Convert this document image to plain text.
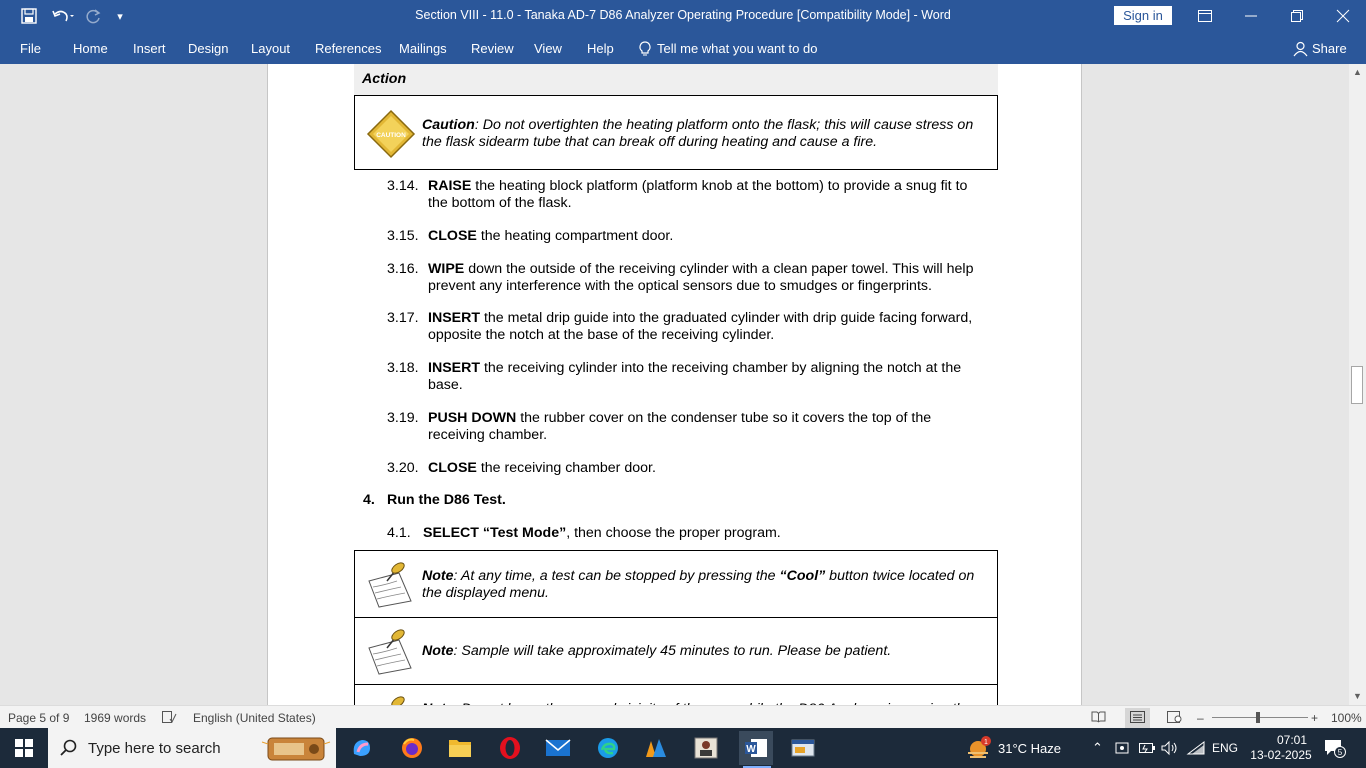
▾	Section VIII - 11.0 - Tanaka AD-7 D86 Analyzer Operating Procedure [Compatibility Mode] - Word	Sign in
File Home Insert Design Layout References Mailings Review View Help	Tell me what you want to do	Share
Action
CAUTION
Caution: Do not overtighten the heating platform onto the flask; this will cause stress on the flask sidearm tube that can break off during heating and cause a fire.
3.14. RAISE the heating block platform (platform knob at the bottom) to provide a snug fit to the bottom of the flask.
3.15. CLOSE the heating compartment door.
3.16. WIPE down the outside of the receiving cylinder with a clean paper towel. This will help prevent any interference with the optical sensors due to smudges or fingerprints.
3.17. INSERT the metal drip guide into the graduated cylinder with drip guide facing forward, opposite the notch at the base of the receiving cylinder.
3.18. INSERT the receiving cylinder into the receiving chamber by aligning the notch at the base.
3.19. PUSH DOWN the rubber cover on the condenser tube so it covers the top of the receiving chamber.
3.20. CLOSE the receiving chamber door.
4. Run the D86 Test.
4.1. SELECT “Test Mode”, then choose the proper program.
Note: At any time, a test can be stopped by pressing the “Cool” button twice located on the displayed menu.
Note: Sample will take approximately 45 minutes to run. Please be patient.
▲
▼
Page 5 of 9 1969 words	English (United States)	–	+ 100%
Type here to search	W
1 31°C Haze ⌃	ENG
07:01
13-02-2025	5
